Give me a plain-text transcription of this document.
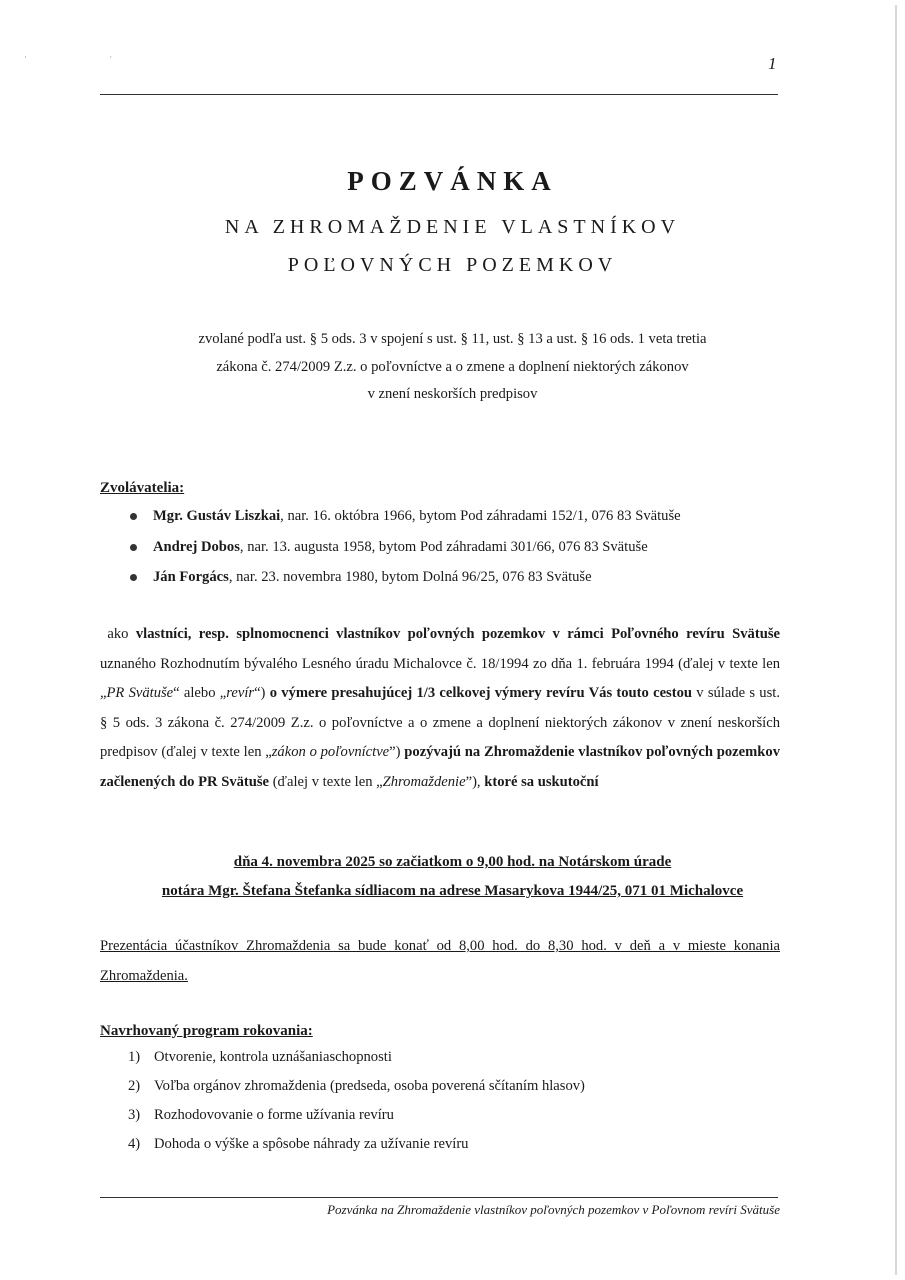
· ·	1
POZVÁNKA
NA ZHROMAŽDENIE VLASTNÍKOV
POĽOVNÝCH POZEMKOV
zvolané podľa ust. § 5 ods. 3 v spojení s ust. § 11, ust. § 13 a ust. § 16 ods. 1 veta tretia
zákona č. 274/2009 Z.z. o poľovníctve a o zmene a doplnení niektorých zákonov
v znení neskorších predpisov
Zvolávatelia:
Mgr. Gustáv Liszkai, nar. 16. októbra 1966, bytom Pod záhradami 152/1, 076 83 Svätuše
Andrej Dobos, nar. 13. augusta 1958, bytom Pod záhradami 301/66, 076 83 Svätuše
Ján Forgács, nar. 23. novembra 1980, bytom Dolná 96/25, 076 83 Svätuše
ako vlastníci, resp. splnomocnenci vlastníkov poľovných pozemkov v rámci Poľovného revíru Svätuše uznaného Rozhodnutím bývalého Lesného úradu Michalovce č. 18/1994 zo dňa 1. februára 1994 (ďalej v texte len „PR Svätuše“ alebo „revír“) o výmere presahujúcej 1/3 celkovej výmery revíru Vás touto cestou v súlade s ust. § 5 ods. 3 zákona č. 274/2009 Z.z. o poľovníctve a o zmene a doplnení niektorých zákonov v znení neskorších predpisov (ďalej v texte len „zákon o poľovníctve”) pozývajú na Zhromaždenie vlastníkov poľovných pozemkov začlenených do PR Svätuše (ďalej v texte len „Zhromaždenie”), ktoré sa uskutoční
dňa 4. novembra 2025 so začiatkom o 9,00 hod. na Notárskom úrade
notára Mgr. Štefana Štefanka sídliacom na adrese Masarykova 1944/25, 071 01 Michalovce
Prezentácia účastníkov Zhromaždenia sa bude konať od 8,00 hod. do 8,30 hod. v deň a v mieste konania Zhromaždenia.
Navrhovaný program rokovania:
1) Otvorenie, kontrola uznášaniaschopnosti
2) Voľba orgánov zhromaždenia (predseda, osoba poverená sčítaním hlasov)
3) Rozhodovovanie o forme užívania revíru
4) Dohoda o výške a spôsobe náhrady za užívanie revíru
Pozvánka na Zhromaždenie vlastníkov poľovných pozemkov v Poľovnom revíri Svätuše
